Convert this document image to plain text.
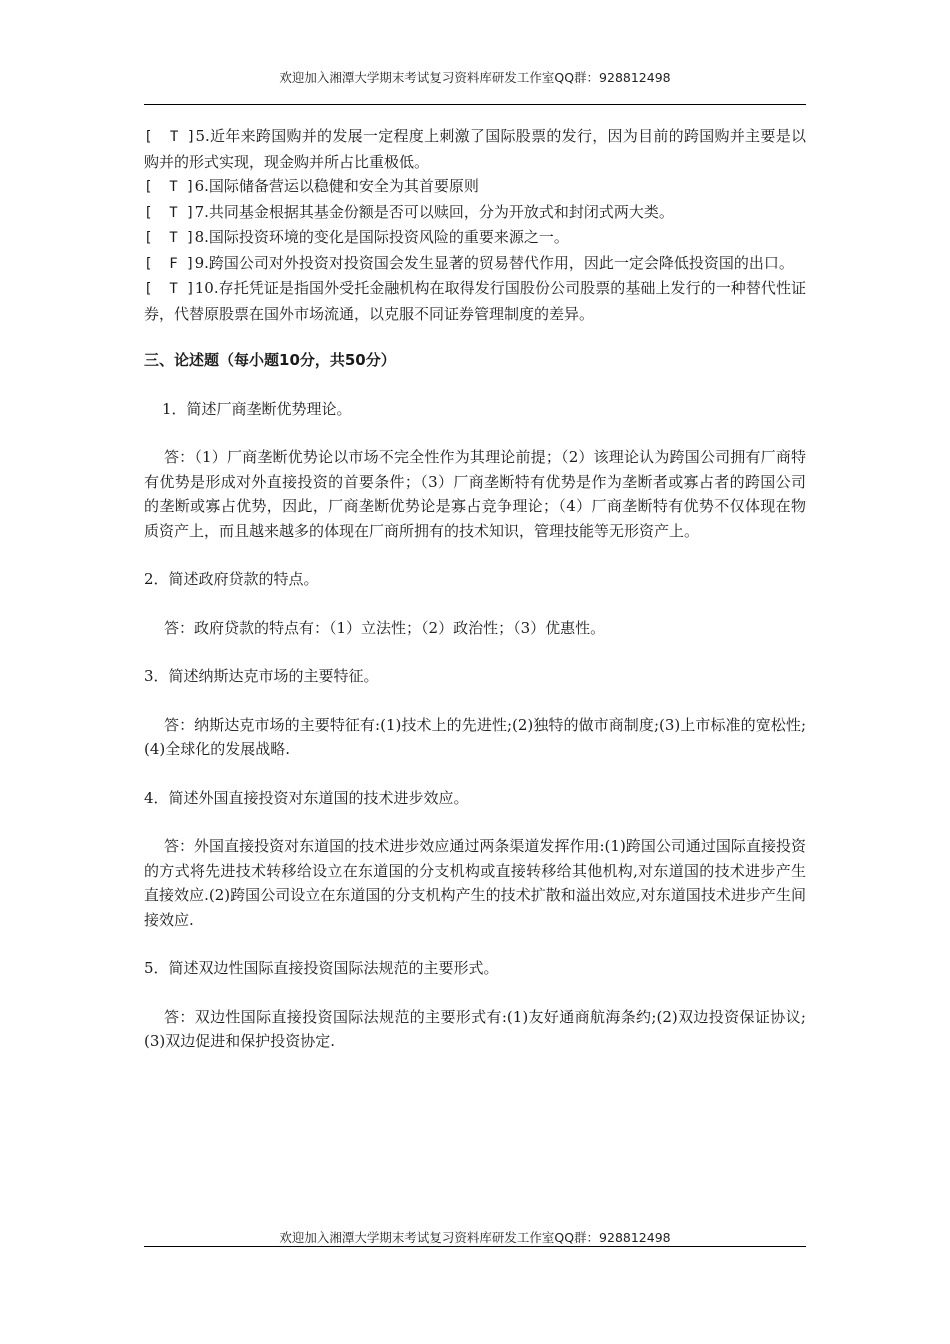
欢迎加入湘潭大学期末考试复习资料库研发工作室QQ群：928812498

[  T ]5.近年来跨国购并的发展一定程度上刺激了国际股票的发行，因为目前的跨国购并主要是以购并的形式实现，现金购并所占比重极低。

[  T ]6.国际储备营运以稳健和安全为其首要原则

[  T ]7.共同基金根据其基金份额是否可以赎回，分为开放式和封闭式两大类。

[  T ]8.国际投资环境的变化是国际投资风险的重要来源之一。

[  F ]9.跨国公司对外投资对投资国会发生显著的贸易替代作用，因此一定会降低投资国的出口。

[  T ]10.存托凭证是指国外受托金融机构在取得发行国股份公司股票的基础上发行的一种替代性证券，代替原股票在国外市场流通，以克服不同证券管理制度的差异。

三、论述题（每小题10分，共50分）

1．简述厂商垄断优势理论。

答：（1）厂商垄断优势论以市场不完全性作为其理论前提；（2）该理论认为跨国公司拥有厂商特有优势是形成对外直接投资的首要条件；（3）厂商垄断特有优势是作为垄断者或寡占者的跨国公司的垄断或寡占优势，因此，厂商垄断优势论是寡占竞争理论；（4）厂商垄断特有优势不仅体现在物质资产上，而且越来越多的体现在厂商所拥有的技术知识，管理技能等无形资产上。

2．简述政府贷款的特点。

答：政府贷款的特点有：（1）立法性；（2）政治性；（3）优惠性。

3．简述纳斯达克市场的主要特征。

答：纳斯达克市场的主要特征有:(1)技术上的先进性;(2)独特的做市商制度;(3)上市标准的宽松性;(4)全球化的发展战略.

4．简述外国直接投资对东道国的技术进步效应。

答：外国直接投资对东道国的技术进步效应通过两条渠道发挥作用:(1)跨国公司通过国际直接投资的方式将先进技术转移给设立在东道国的分支机构或直接转移给其他机构,对东道国的技术进步产生直接效应.(2)跨国公司设立在东道国的分支机构产生的技术扩散和溢出效应,对东道国技术进步产生间接效应.

5．简述双边性国际直接投资国际法规范的主要形式。

答：双边性国际直接投资国际法规范的主要形式有:(1)友好通商航海条约;(2)双边投资保证协议;(3)双边促进和保护投资协定.

欢迎加入湘潭大学期末考试复习资料库研发工作室QQ群：928812498
